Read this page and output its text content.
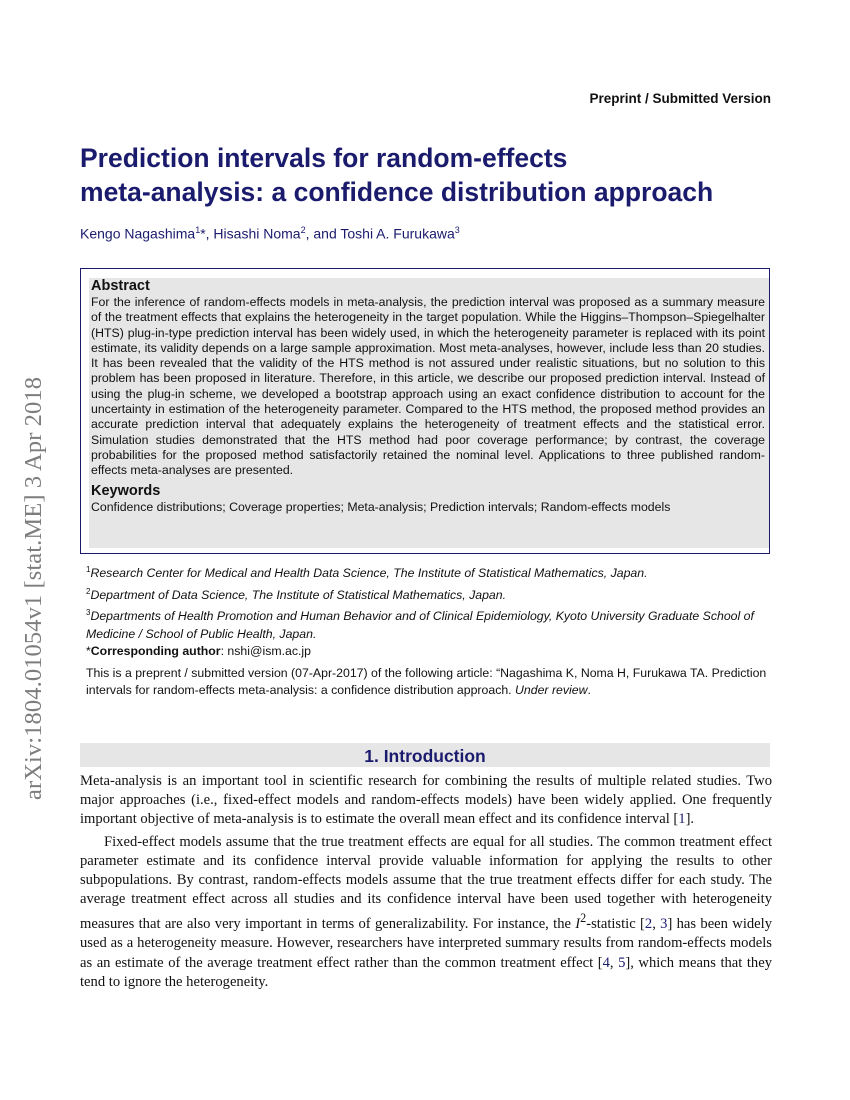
arXiv:1804.01054v1 [stat.ME] 3 Apr 2018
Preprint / Submitted Version
Prediction intervals for random-effects
meta-analysis: a confidence distribution approach
Kengo Nagashima$^1$*, Hisashi Noma$^2$, and Toshi A. Furukawa$^3$

Abstract

For the inference of random-effects models in meta-analysis, the prediction interval was proposed as a summary measure of the treatment effects that explains the heterogeneity in the target population. While the Higgins–Thompson–Spiegelhalter (HTS) plug-in-type prediction interval has been widely used, in which the heterogeneity parameter is replaced with its point estimate, its validity depends on a large sample approximation. Most meta-analyses, however, include less than 20 studies. It has been revealed that the validity of the HTS method is not assured under realistic situations, but no solution to this problem has been proposed in literature. Therefore, in this article, we describe our proposed prediction interval. Instead of using the plug-in scheme, we developed a bootstrap approach using an exact confidence distribution to account for the uncertainty in estimation of the heterogeneity parameter. Compared to the HTS method, the proposed method provides an accurate prediction interval that adequately explains the heterogeneity of treatment effects and the statistical error. Simulation studies demonstrated that the HTS method had poor coverage performance; by contrast, the coverage probabilities for the proposed method satisfactorily retained the nominal level. Applications to three published random-effects meta-analyses are presented.

Keywords

Confidence distributions; Coverage properties; Meta-analysis; Prediction intervals; Random-effects models

$^1$Research Center for Medical and Health Data Science, The Institute of Statistical Mathematics, Japan.

$^2$Department of Data Science, The Institute of Statistical Mathematics, Japan.

$^3$Departments of Health Promotion and Human Behavior and of Clinical Epidemiology, Kyoto University Graduate School of Medicine / School of Public Health, Japan.

*Corresponding author: nshi@ism.ac.jp

This is a preprent / submitted version (07-Apr-2017) of the following article: “Nagashima K, Noma H, Furukawa TA. Prediction intervals for random-effects meta-analysis: a confidence distribution approach. Under review.

1. Introduction

Meta-analysis is an important tool in scientific research for combining the results of multiple related studies. Two major approaches (i.e., fixed-effect models and random-effects models) have been widely applied. One frequently important objective of meta-analysis is to estimate the overall mean effect and its confidence interval [1].

Fixed-effect models assume that the true treatment effects are equal for all studies. The common treatment effect parameter estimate and its confidence interval provide valuable information for applying the results to other subpopulations. By contrast, random-effects models assume that the true treatment effects differ for each study. The average treatment effect across all studies and its confidence interval have been used together with heterogeneity measures that are also very important in terms of generalizability. For instance, the $I^2$-statistic [2, 3] has been widely used as a heterogeneity measure. However, researchers have interpreted summary results from random-effects models as an estimate of the average treatment effect rather than the common treatment effect [4, 5], which means that they tend to ignore the heterogeneity.
